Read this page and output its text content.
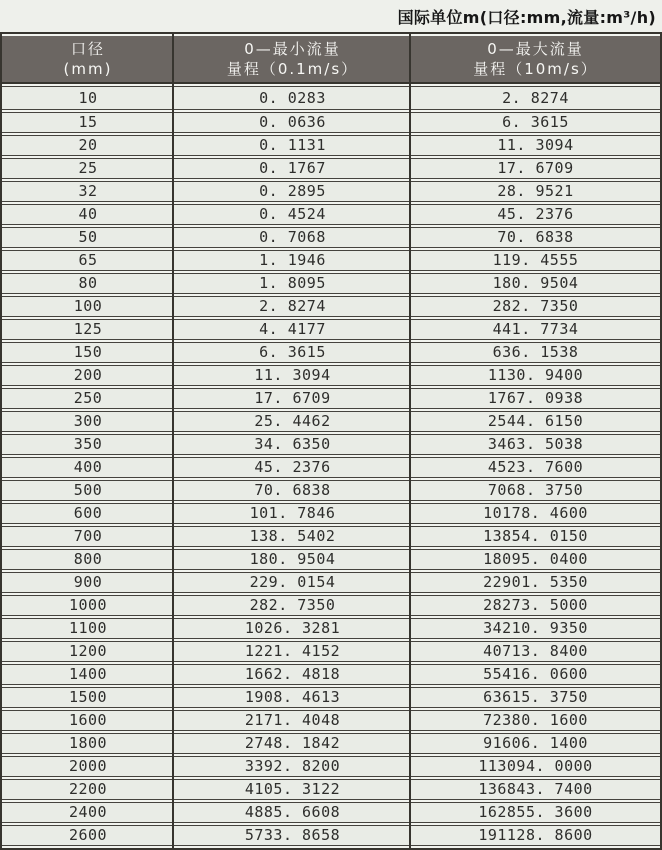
国际单位m(口径:mm,流量:m³/h)
口径
(mm)

0—最小流量
量程（0.1m/s）

0—最大流量
量程（10m/s）

10	0. 0283	2. 8274
15	0. 0636	6. 3615
20	0. 1131	11. 3094
25	0. 1767	17. 6709
32	0. 2895	28. 9521
40	0. 4524	45. 2376
50	0. 7068	70. 6838
65	1. 1946	119. 4555
80	1. 8095	180. 9504
100	2. 8274	282. 7350
125	4. 4177	441. 7734
150	6. 3615	636. 1538
200	11. 3094	1130. 9400
250	17. 6709	1767. 0938
300	25. 4462	2544. 6150
350	34. 6350	3463. 5038
400	45. 2376	4523. 7600
500	70. 6838	7068. 3750
600	101. 7846	10178. 4600
700	138. 5402	13854. 0150
800	180. 9504	18095. 0400
900	229. 0154	22901. 5350
1000	282. 7350	28273. 5000
1100	1026. 3281	34210. 9350
1200	1221. 4152	40713. 8400
1400	1662. 4818	55416. 0600
1500	1908. 4613	63615. 3750
1600	2171. 4048	72380. 1600
1800	2748. 1842	91606. 1400
2000	3392. 8200	113094. 0000
2200	4105. 3122	136843. 7400
2400	4885. 6608	162855. 3600
2600	5733. 8658	191128. 8600
